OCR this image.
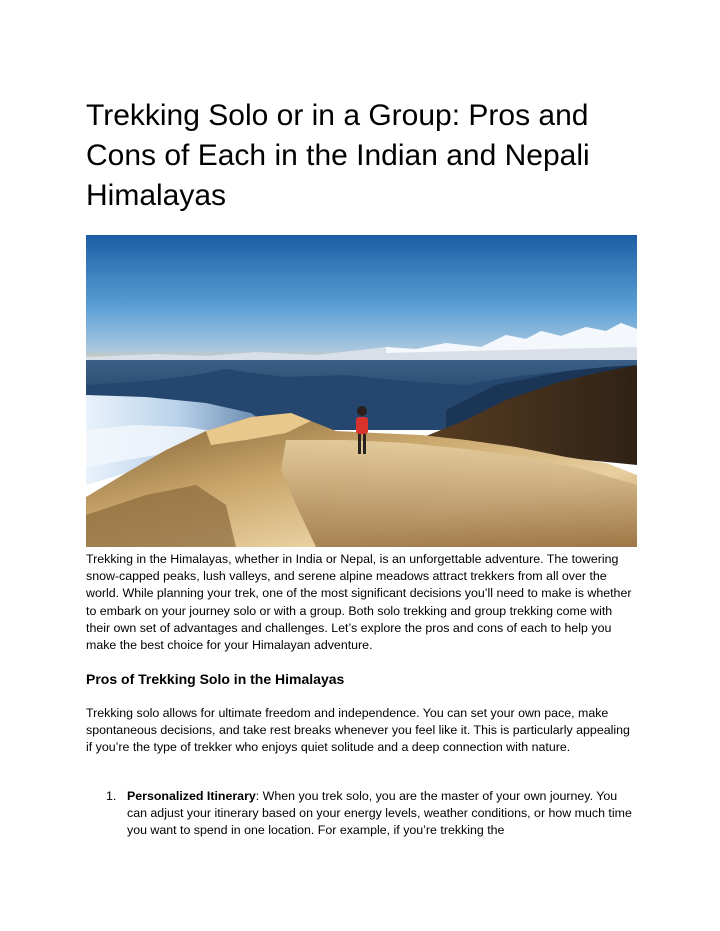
Trekking Solo or in a Group: Pros and Cons of Each in the Indian and Nepali Himalayas

Trekking in the Himalayas, whether in India or Nepal, is an unforgettable adventure. The towering snow-capped peaks, lush valleys, and serene alpine meadows attract trekkers from all over the world. While planning your trek, one of the most significant decisions you’ll need to make is whether to embark on your journey solo or with a group. Both solo trekking and group trekking come with their own set of advantages and challenges. Let’s explore the pros and cons of each to help you make the best choice for your Himalayan adventure.

Pros of Trekking Solo in the Himalayas

Trekking solo allows for ultimate freedom and independence. You can set your own pace, make spontaneous decisions, and take rest breaks whenever you feel like it. This is particularly appealing if you’re the type of trekker who enjoys quiet solitude and a deep connection with nature.

1. Personalized Itinerary: When you trek solo, you are the master of your own journey. You can adjust your itinerary based on your energy levels, weather conditions, or how much time you want to spend in one location. For example, if you’re trekking the
